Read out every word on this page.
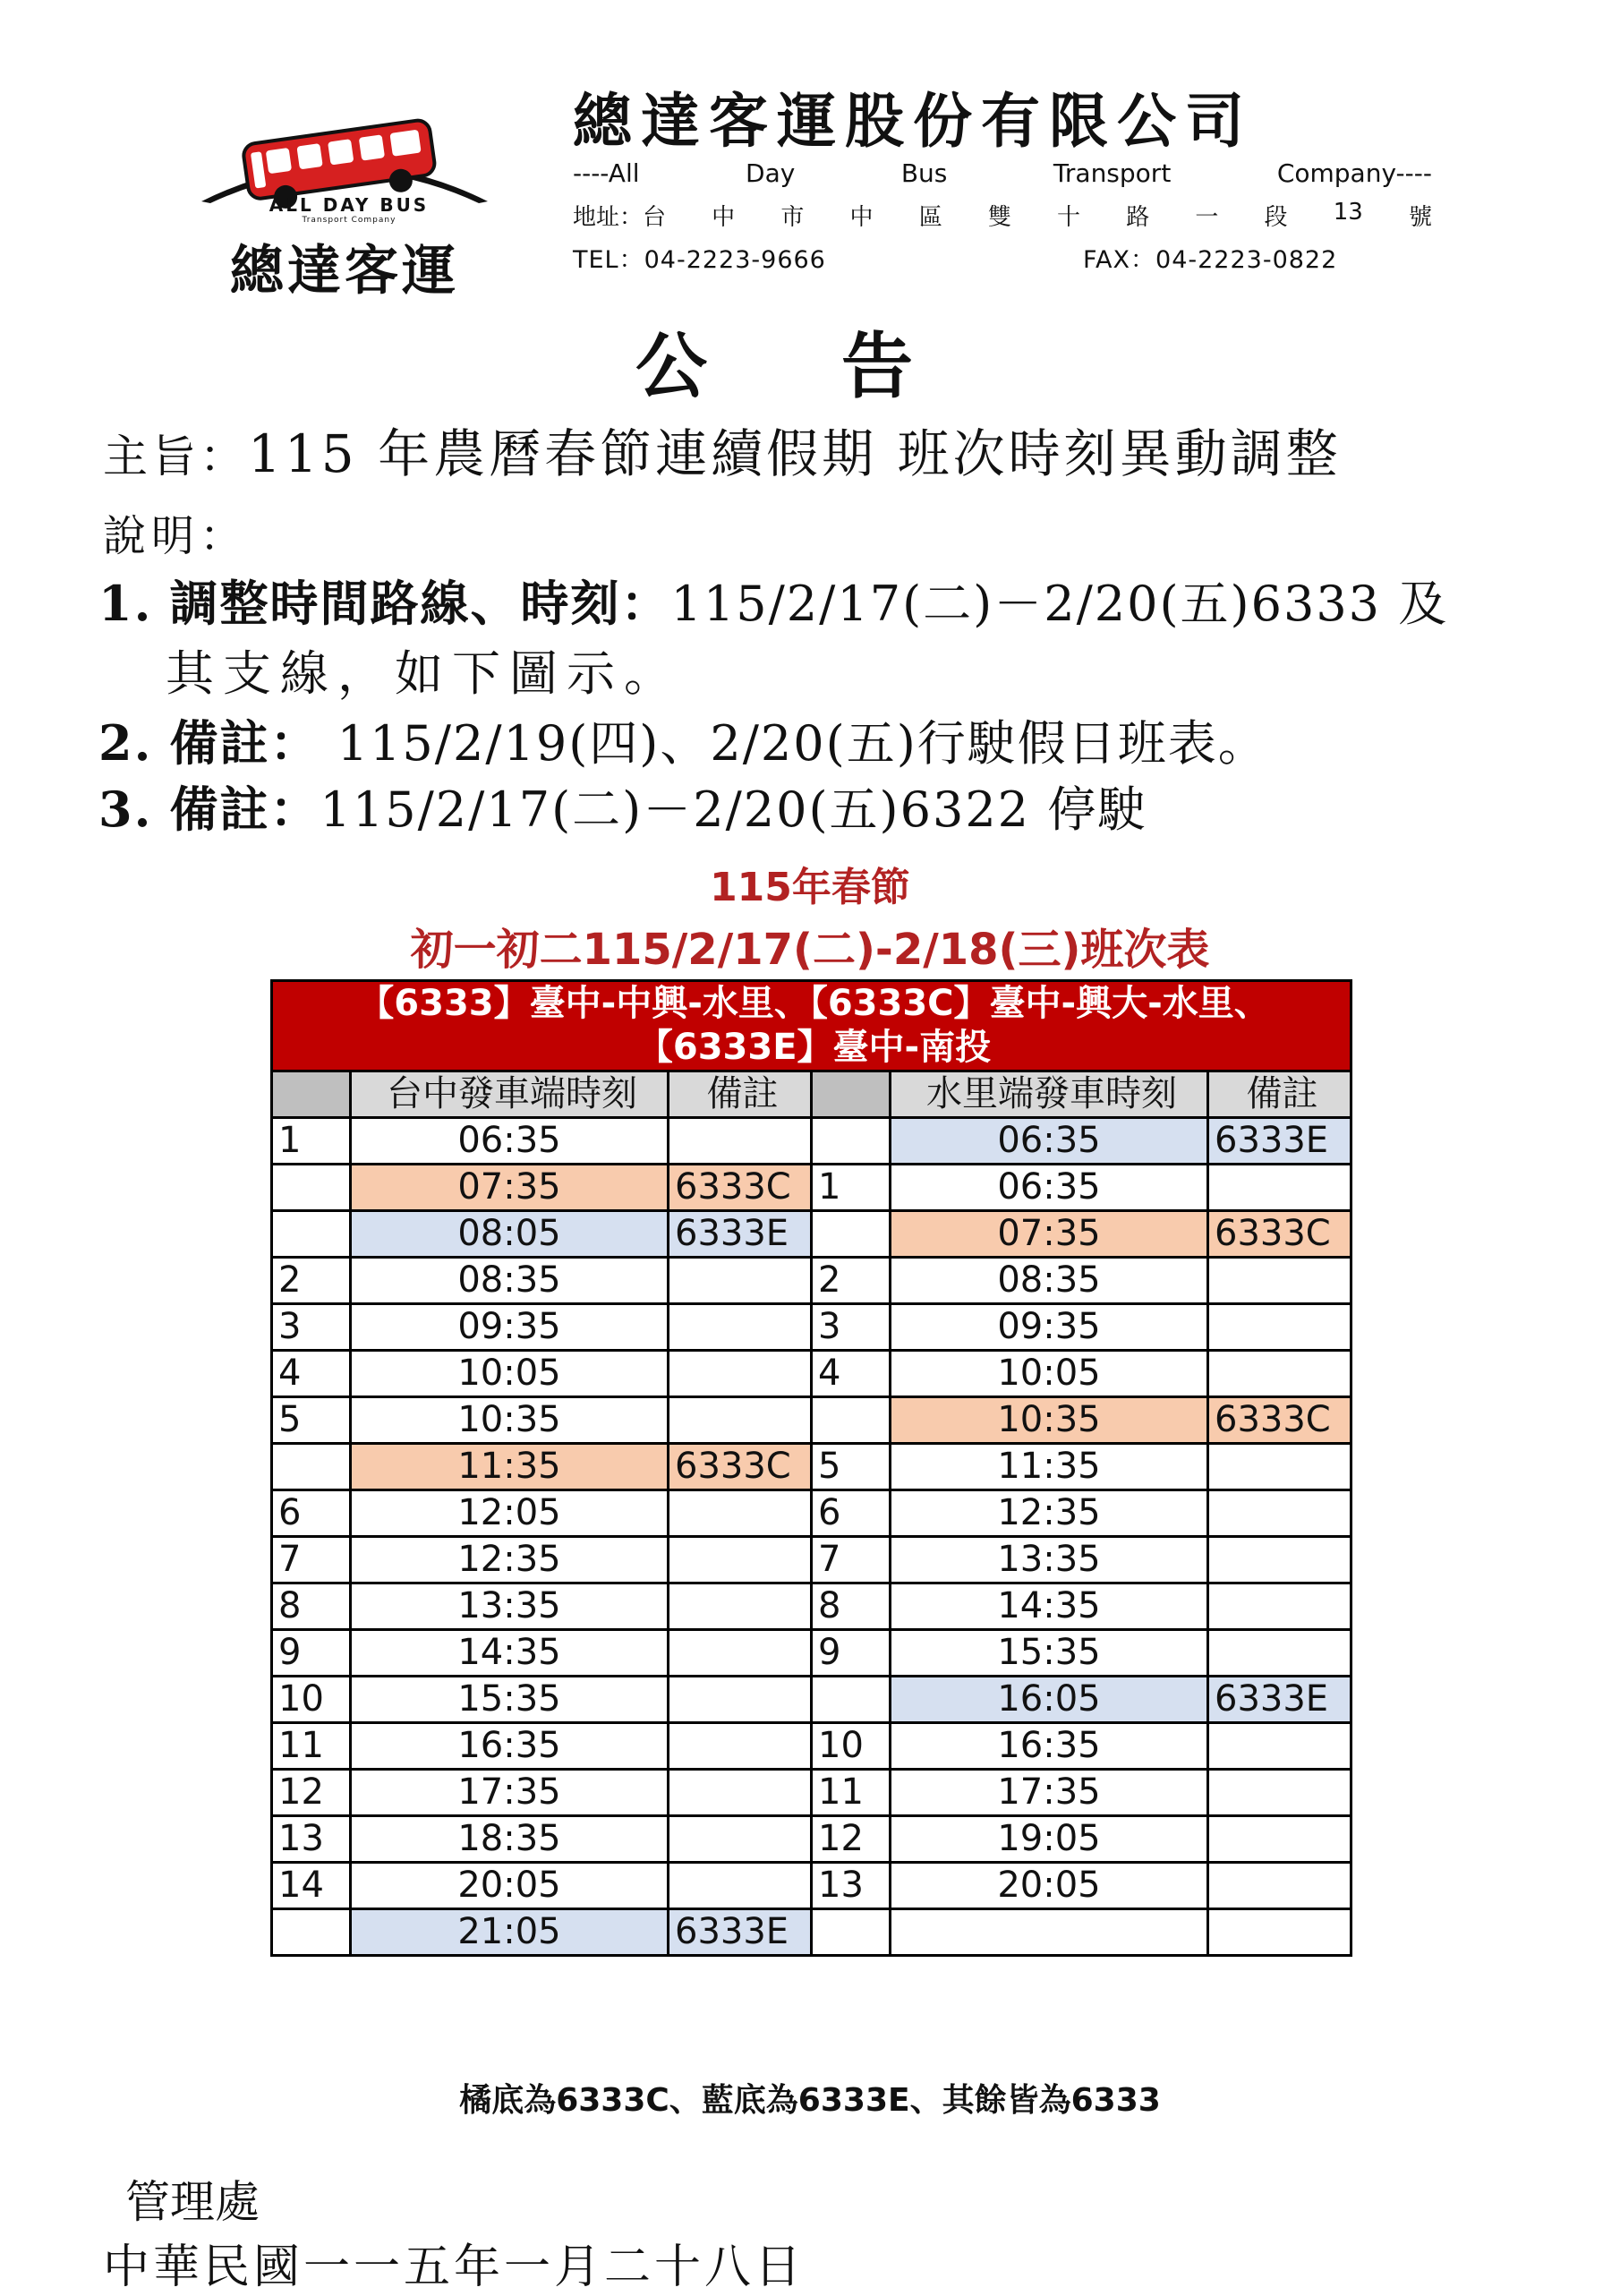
ALL DAY BUS
Transport Company
總達客運
總達客運股份有限公司
----All	Day	Bus	Transport	Company----
地址：台 中 市 中 區 雙 十 路 一 段 13 號
TEL：04-2223-9666	FAX：04-2223-0822
公告
主旨：115 年農曆春節連續假期 班次時刻異動調整
說明：
1. 調整時間路線、時刻：115/2/17(二)－2/20(五)6333 及
其支線，如下圖示。
2. 備註： 115/2/19(四)、2/20(五)行駛假日班表。
3. 備註：115/2/17(二)－2/20(五)6322 停駛
115年春節
初一初二115/2/17(二)-2/18(三)班次表
【6333】臺中-中興-水里、【6333C】臺中-興大-水里、
【6333E】臺中-南投					

	台中發車端時刻	備註		水里端發車時刻	備註
1	06:35			06:35	6333E
	07:35	6333C	1	06:35	
	08:05	6333E		07:35	6333C
2	08:35		2	08:35	
3	09:35		3	09:35	
4	10:05		4	10:05	
5	10:35			10:35	6333C
	11:35	6333C	5	11:35	
6	12:05		6	12:35	
7	12:35		7	13:35	
8	13:35		8	14:35	
9	14:35		9	15:35	
10	15:35			16:05	6333E
11	16:35		10	16:35	
12	17:35		11	17:35	
13	18:35		12	19:05	
14	20:05		13	20:05	
	21:05	6333E			
橘底為6333C、藍底為6333E、其餘皆為6333
管理處
中華民國一一五年一月二十八日
